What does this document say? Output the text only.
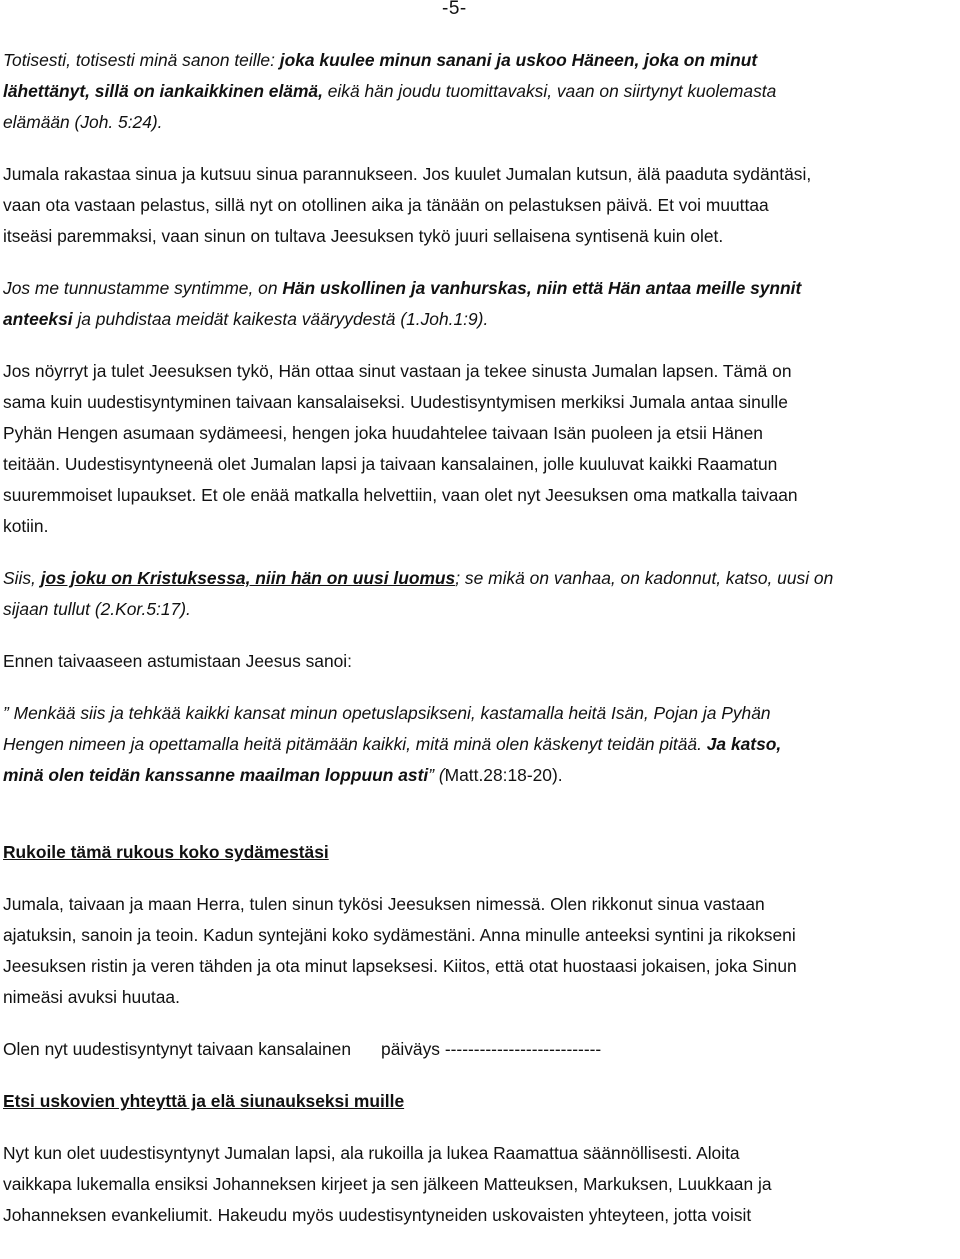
-5-

Totisesti, totisesti minä sanon teille: joka kuulee minun sanani ja uskoo Häneen, joka on minut
lähettänyt, sillä on iankaikkinen elämä, eikä hän joudu tuomittavaksi, vaan on siirtynyt kuolemasta
elämään (Joh. 5:24).

Jumala rakastaa sinua ja kutsuu sinua parannukseen. Jos kuulet Jumalan kutsun, älä paaduta sydäntäsi,
vaan ota vastaan pelastus, sillä nyt on otollinen aika ja tänään on pelastuksen päivä. Et voi muuttaa
itseäsi paremmaksi, vaan sinun on tultava Jeesuksen tykö juuri sellaisena syntisenä kuin olet.

Jos me tunnustamme syntimme, on Hän uskollinen ja vanhurskas, niin että Hän antaa meille synnit
anteeksi ja puhdistaa meidät kaikesta vääryydestä (1.Joh.1:9).

Jos nöyrryt ja tulet Jeesuksen tykö, Hän ottaa sinut vastaan ja tekee sinusta Jumalan lapsen. Tämä on
sama kuin uudestisyntyminen taivaan kansalaiseksi. Uudestisyntymisen merkiksi Jumala antaa sinulle
Pyhän Hengen asumaan sydämeesi, hengen joka huudahtelee taivaan Isän puoleen ja etsii Hänen
teitään. Uudestisyntyneenä olet Jumalan lapsi ja taivaan kansalainen, jolle kuuluvat kaikki Raamatun
suuremmoiset lupaukset. Et ole enää matkalla helvettiin, vaan olet nyt Jeesuksen oma matkalla taivaan
kotiin.

Siis, jos joku on Kristuksessa, niin hän on uusi luomus; se mikä on vanhaa, on kadonnut, katso, uusi on
sijaan tullut (2.Kor.5:17).

Ennen taivaaseen astumistaan Jeesus sanoi:

” Menkää siis ja tehkää kaikki kansat minun opetuslapsikseni, kastamalla heitä Isän, Pojan ja Pyhän
Hengen nimeen ja opettamalla heitä pitämään kaikki, mitä minä olen käskenyt teidän pitää. Ja katso,
minä olen teidän kanssanne maailman loppuun asti” (Matt.28:18-20).

Rukoile tämä rukous koko sydämestäsi

Jumala, taivaan ja maan Herra, tulen sinun tykösi Jeesuksen nimessä. Olen rikkonut sinua vastaan
ajatuksin, sanoin ja teoin. Kadun syntejäni koko sydämestäni. Anna minulle anteeksi syntini ja rikokseni
Jeesuksen ristin ja veren tähden ja ota minut lapseksesi. Kiitos, että otat huostaasi jokaisen, joka Sinun
nimeäsi avuksi huutaa.

Olen nyt uudestisyntynyt taivaan kansalainen päiväys ---------------------------

Etsi uskovien yhteyttä ja elä siunaukseksi muille

Nyt kun olet uudestisyntynyt Jumalan lapsi, ala rukoilla ja lukea Raamattua säännöllisesti. Aloita
vaikkapa lukemalla ensiksi Johanneksen kirjeet ja sen jälkeen Matteuksen, Markuksen, Luukkaan ja
Johanneksen evankeliumit. Hakeudu myös uudestisyntyneiden uskovaisten yhteyteen, jotta voisit
